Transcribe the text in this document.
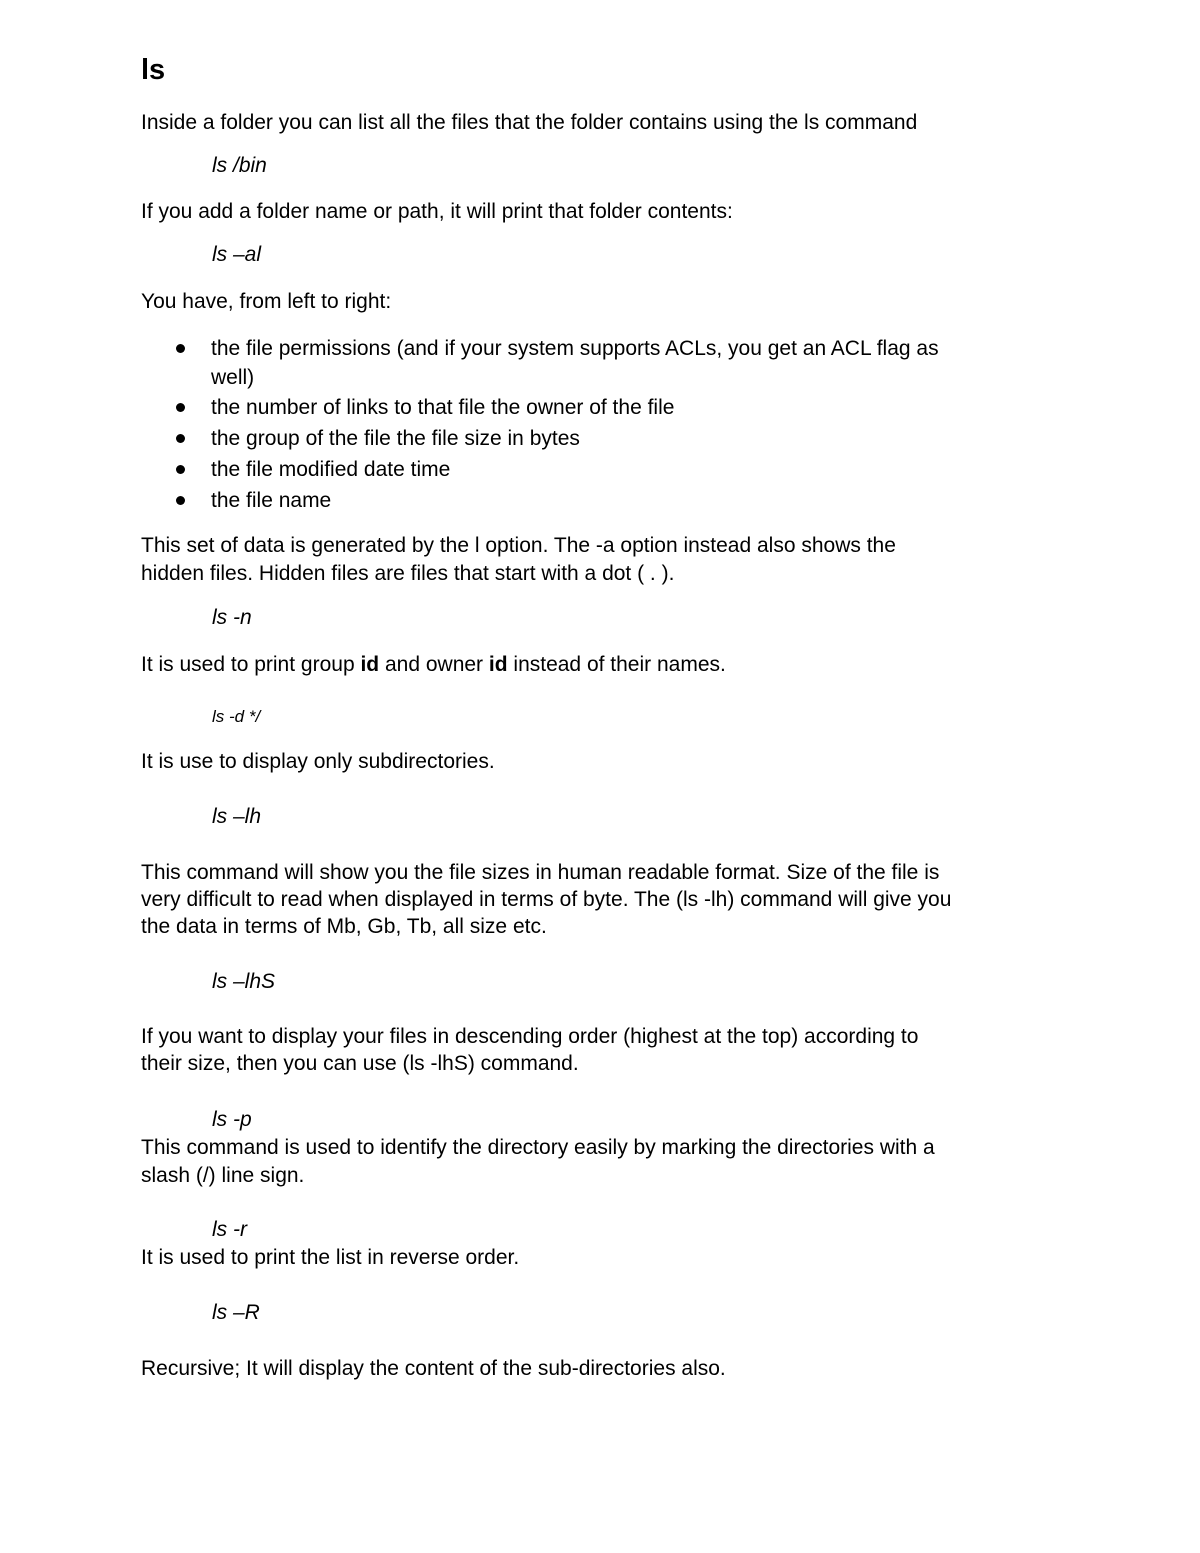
ls
Inside a folder you can list all the files that the folder contains using the ls command
ls /bin
If you add a folder name or path, it will print that folder contents:
ls –al
You have, from left to right:
the file permissions (and if your system supports ACLs, you get an ACL flag as
well)
the number of links to that file the owner of the file
the group of the file the file size in bytes
the file modified date time
the file name
This set of data is generated by the l option. The -a option instead also shows the
hidden files. Hidden files are files that start with a dot ( . ).
ls -n
It is used to print group id and owner id instead of their names.
ls -d */
It is use to display only subdirectories.
ls –lh
This command will show you the file sizes in human readable format. Size of the file is
very difficult to read when displayed in terms of byte. The (ls -lh) command will give you
the data in terms of Mb, Gb, Tb, all size etc.
ls –lhS
If you want to display your files in descending order (highest at the top) according to
their size, then you can use (ls -lhS) command.
ls -p
This command is used to identify the directory easily by marking the directories with a
slash (/) line sign.
ls -r
It is used to print the list in reverse order.
ls –R
Recursive; It will display the content of the sub-directories also.
